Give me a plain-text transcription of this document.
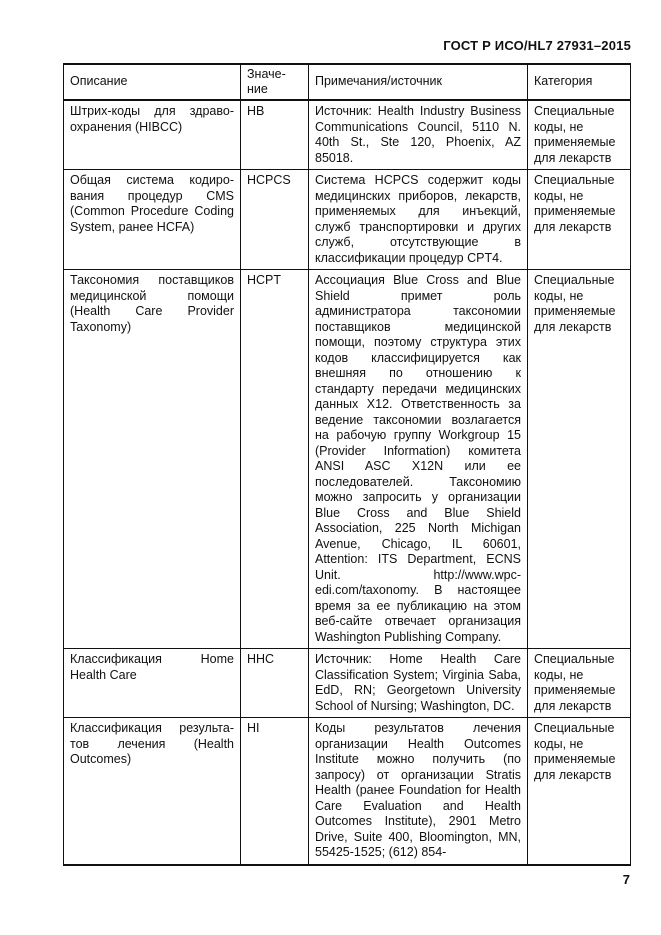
ГОСТ Р ИСО/HL7 27931–2015
Описание	Значе-ние	Примечания/источник	Категория
Штрих-коды для здраво-охранения (HIBCC)	HB	Источник: Health Industry Business Communications Council, 5110 N. 40th St., Ste 120, Phoenix, AZ 85018.	Специальные коды, не применяемые для лекарств
Общая система кодиро-вания процедур CMS (Common Procedure Coding System, ранее HCFA)	HCPCS	Система HCPCS содержит коды медицинских приборов, лекарств, применяемых для инъекций, служб транспортировки и других служб, отсутствующие в классификации процедур CPT4.	Специальные коды, не применяемые для лекарств
Таксономия поставщиков медицинской помощи (Health Care Provider Taxonomy)	HCPT	Ассоциация Blue Cross and Blue Shield примет роль администратора таксономии поставщиков медицинской помощи, поэтому структура этих кодов классифицируется как внешняя по отношению к стандарту передачи медицинских данных X12. Ответственность за ведение таксономии возлагается на рабочую группу Workgroup 15 (Provider Information) комитета ANSI ASC X12N или ее последователей. Таксономию можно запросить у организации Blue Cross and Blue Shield Association, 225 North Michigan Avenue, Chicago, IL 60601, Attention: ITS Department, ECNS Unit. http://www.wpc-edi.com/taxonomy. В настоящее время за ее публикацию на этом веб-сайте отвечает организация Washington Publishing Company.	Специальные коды, не применяемые для лекарств
Классификация Home Health Care	HHC	Источник: Home Health Care Classification System; Virginia Saba, EdD, RN; Georgetown University School of Nursing; Washington, DC.	Специальные коды, не применяемые для лекарств
Классификация результа-тов лечения (Health Outcomes)	HI	Коды результатов лечения организации Health Outcomes Institute можно получить (по запросу) от организации Stratis Health (ранее Foundation for Health Care Evaluation and Health Outcomes Institute), 2901 Metro Drive, Suite 400, Bloomington, MN, 55425-1525; (612) 854-	Специальные коды, не применяемые для лекарств
7
